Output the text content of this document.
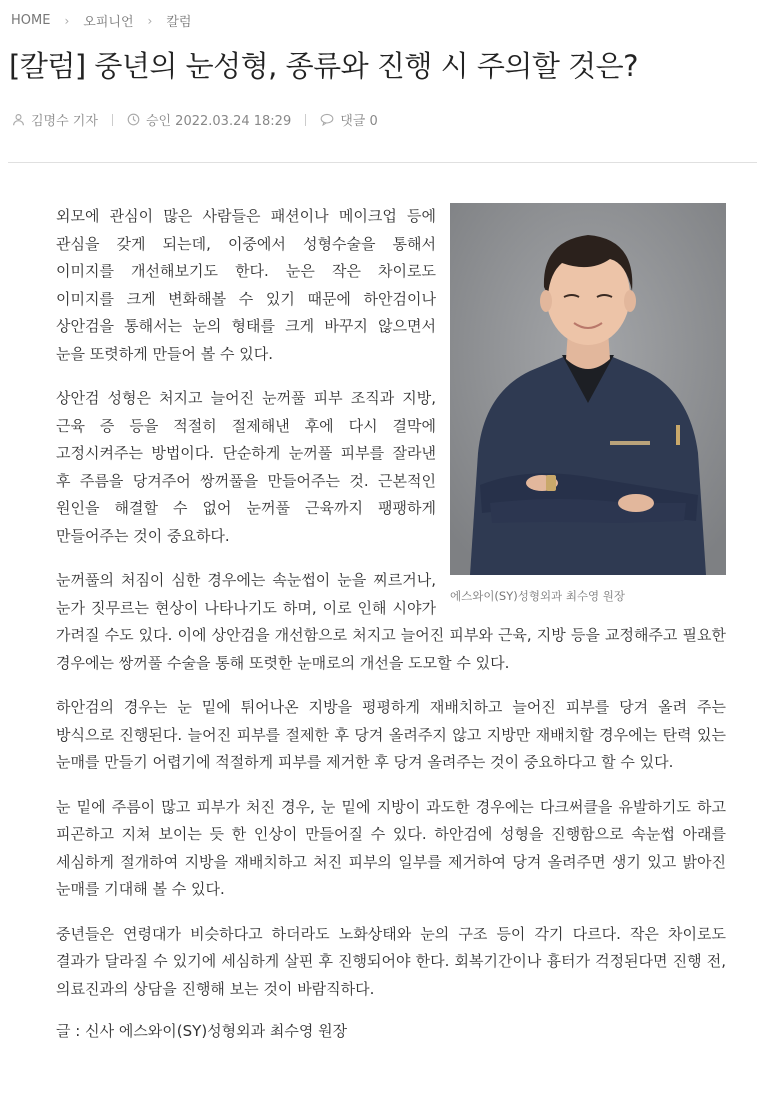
HOME › 오피니언 › 칼럼
[칼럼] 중년의 눈성형, 종류와 진행 시 주의할 것은?
김명수 기자	승인 2022.03.24 18:29	댓글 0
에스와이(SY)성형외과 최수영 원장

외모에 관심이 많은 사람들은 패션이나 메이크업 등에 관심을 갖게 되는데, 이중에서 성형수술을 통해서 이미지를 개선해보기도 한다. 눈은 작은 차이로도 이미지를 크게 변화해볼 수 있기 때문에 하안검이나 상안검을 통해서는 눈의 형태를 크게 바꾸지 않으면서 눈을 또렷하게 만들어 볼 수 있다.

상안검 성형은 처지고 늘어진 눈꺼풀 피부 조직과 지방, 근육 증 등을 적절히 절제해낸 후에 다시 결막에 고정시켜주는 방법이다. 단순하게 눈꺼풀 피부를 잘라낸 후 주름을 당겨주어 쌍꺼풀을 만들어주는 것. 근본적인 원인을 해결할 수 없어 눈꺼풀 근육까지 팽팽하게 만들어주는 것이 중요하다.

눈꺼풀의 처짐이 심한 경우에는 속눈썹이 눈을 찌르거나, 눈가 짓무르는 현상이 나타나기도 하며, 이로 인해 시야가 가려질 수도 있다. 이에 상안검을 개선함으로 처지고 늘어진 피부와 근육, 지방 등을 교정해주고 필요한 경우에는 쌍꺼풀 수술을 통해 또렷한 눈매로의 개선을 도모할 수 있다.

하안검의 경우는 눈 밑에 튀어나온 지방을 평평하게 재배치하고 늘어진 피부를 당겨 올려 주는 방식으로 진행된다. 늘어진 피부를 절제한 후 당겨 올려주지 않고 지방만 재배치할 경우에는 탄력 있는 눈매를 만들기 어렵기에 적절하게 피부를 제거한 후 당겨 올려주는 것이 중요하다고 할 수 있다.

눈 밑에 주름이 많고 피부가 처진 경우, 눈 밑에 지방이 과도한 경우에는 다크써클을 유발하기도 하고 피곤하고 지쳐 보이는 듯 한 인상이 만들어질 수 있다. 하안검에 성형을 진행함으로 속눈썹 아래를 세심하게 절개하여 지방을 재배치하고 처진 피부의 일부를 제거하여 당겨 올려주면 생기 있고 밝아진 눈매를 기대해 볼 수 있다.

중년들은 연령대가 비슷하다고 하더라도 노화상태와 눈의 구조 등이 각기 다르다. 작은 차이로도 결과가 달라질 수 있기에 세심하게 살핀 후 진행되어야 한다. 회복기간이나 흉터가 걱정된다면 진행 전, 의료진과의 상담을 진행해 보는 것이 바람직하다.

글 : 신사 에스와이(SY)성형외과 최수영 원장
